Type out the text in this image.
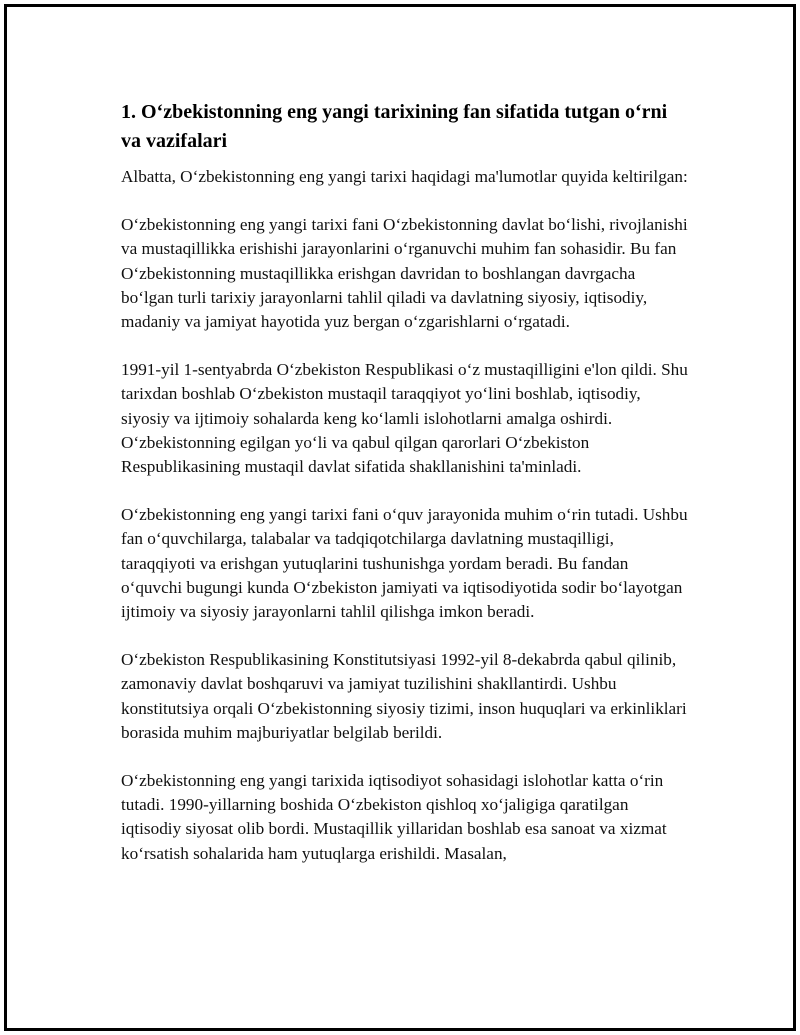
1. O‘zbekistonning eng yangi tarixining fan sifatida tutgan o‘rni va vazifalari

Albatta, O‘zbekistonning eng yangi tarixi haqidagi ma'lumotlar quyida keltirilgan:

O‘zbekistonning eng yangi tarixi fani O‘zbekistonning davlat bo‘lishi, rivojlanishi va mustaqillikka erishishi jarayonlarini o‘rganuvchi muhim fan sohasidir. Bu fan O‘zbekistonning mustaqillikka erishgan davridan to boshlangan davrgacha bo‘lgan turli tarixiy jarayonlarni tahlil qiladi va davlatning siyosiy, iqtisodiy, madaniy va jamiyat hayotida yuz bergan o‘zgarishlarni o‘rgatadi.

1991-yil 1-sentyabrda O‘zbekiston Respublikasi o‘z mustaqilligini e'lon qildi. Shu tarixdan boshlab O‘zbekiston mustaqil taraqqiyot yo‘lini boshlab, iqtisodiy, siyosiy va ijtimoiy sohalarda keng ko‘lamli islohotlarni amalga oshirdi. O‘zbekistonning egilgan yo‘li va qabul qilgan qarorlari O‘zbekiston Respublikasining mustaqil davlat sifatida shakllanishini ta'minladi.

O‘zbekistonning eng yangi tarixi fani o‘quv jarayonida muhim o‘rin tutadi. Ushbu fan o‘quvchilarga, talabalar va tadqiqotchilarga davlatning mustaqilligi, taraqqiyoti va erishgan yutuqlarini tushunishga yordam beradi. Bu fandan o‘quvchi bugungi kunda O‘zbekiston jamiyati va iqtisodiyotida sodir bo‘layotgan ijtimoiy va siyosiy jarayonlarni tahlil qilishga imkon beradi.

O‘zbekiston Respublikasining Konstitutsiyasi 1992-yil 8-dekabrda qabul qilinib, zamonaviy davlat boshqaruvi va jamiyat tuzilishini shakllantirdi. Ushbu konstitutsiya orqali O‘zbekistonning siyosiy tizimi, inson huquqlari va erkinliklari borasida muhim majburiyatlar belgilab berildi.

O‘zbekistonning eng yangi tarixida iqtisodiyot sohasidagi islohotlar katta o‘rin tutadi. 1990-yillarning boshida O‘zbekiston qishloq xo‘jaligiga qaratilgan iqtisodiy siyosat olib bordi. Mustaqillik yillaridan boshlab esa sanoat va xizmat ko‘rsatish sohalarida ham yutuqlarga erishildi. Masalan,
